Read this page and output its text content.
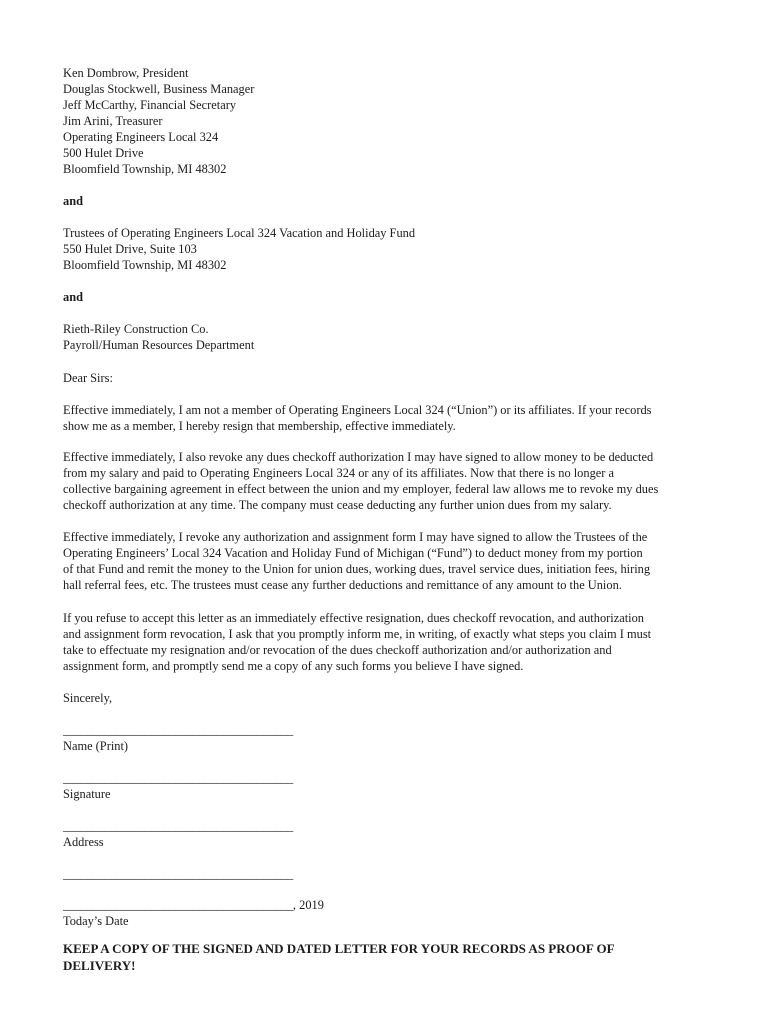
Ken Dombrow, President
Douglas Stockwell, Business Manager
Jeff McCarthy, Financial Secretary
Jim Arini, Treasurer
Operating Engineers Local 324
500 Hulet Drive
Bloomfield Township, MI 48302
and
Trustees of Operating Engineers Local 324 Vacation and Holiday Fund
550 Hulet Drive, Suite 103
Bloomfield Township, MI 48302
and
Rieth-Riley Construction Co.
Payroll/Human Resources Department
Dear Sirs:
Effective immediately, I am not a member of Operating Engineers Local 324 (“Union”) or its affiliates. If your records
show me as a member, I hereby resign that membership, effective immediately.
Effective immediately, I also revoke any dues checkoff authorization I may have signed to allow money to be deducted
from my salary and paid to Operating Engineers Local 324 or any of its affiliates. Now that there is no longer a
collective bargaining agreement in effect between the union and my employer, federal law allows me to revoke my dues
checkoff authorization at any time. The company must cease deducting any further union dues from my salary.
Effective immediately, I revoke any authorization and assignment form I may have signed to allow the Trustees of the
Operating Engineers’ Local 324 Vacation and Holiday Fund of Michigan (“Fund”) to deduct money from my portion
of that Fund and remit the money to the Union for union dues, working dues, travel service dues, initiation fees, hiring
hall referral fees, etc. The trustees must cease any further deductions and remittance of any amount to the Union.
If you refuse to accept this letter as an immediately effective resignation, dues checkoff revocation, and authorization
and assignment form revocation, I ask that you promptly inform me, in writing, of exactly what steps you claim I must
take to effectuate my resignation and/or revocation of the dues checkoff authorization and/or authorization and
assignment form, and promptly send me a copy of any such forms you believe I have signed.
Sincerely,
_______________________________________
Name (Print)
_______________________________________
Signature
_______________________________________
Address
_______________________________________
_______________________________________, 2019
Today’s Date
KEEP A COPY OF THE SIGNED AND DATED LETTER FOR YOUR RECORDS AS PROOF OF
DELIVERY!
